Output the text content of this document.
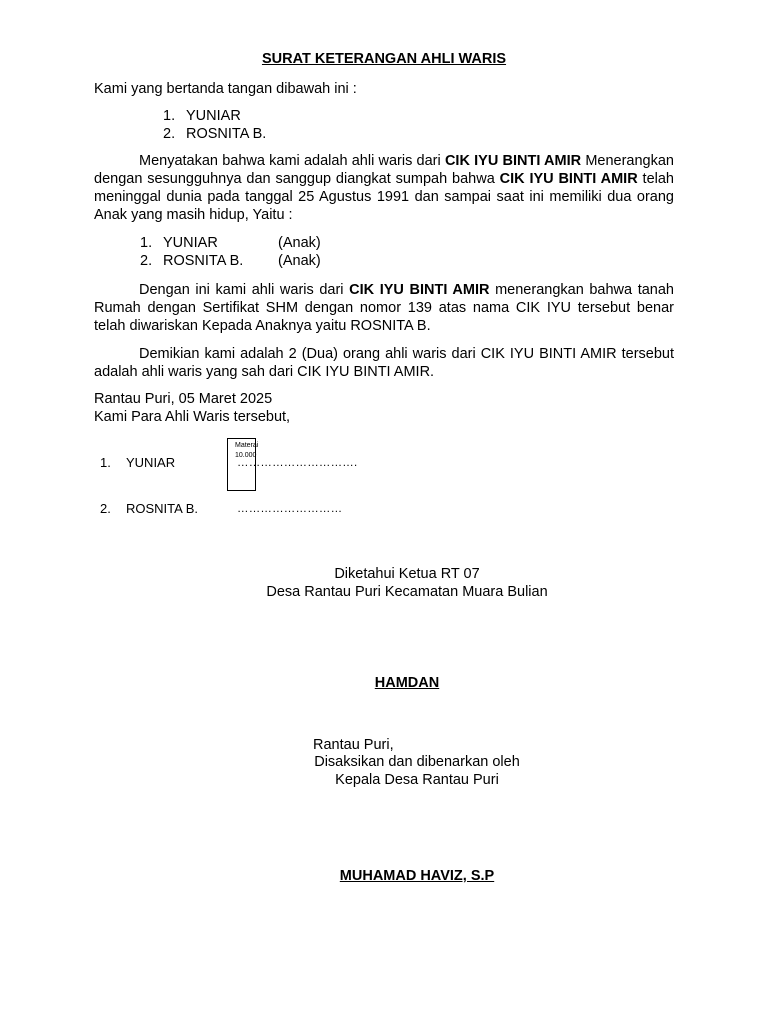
SURAT KETERANGAN AHLI WARIS
Kami yang bertanda tangan dibawah ini :
1. YUNIAR
2. ROSNITA B.
Menyatakan bahwa kami adalah ahli waris dari CIK IYU BINTI AMIR Menerangkan dengan sesungguhnya dan sanggup diangkat sumpah bahwa CIK IYU BINTI AMIR telah meninggal dunia pada tanggal 25 Agustus 1991 dan sampai saat ini memiliki dua orang Anak yang masih hidup, Yaitu :
1. YUNIAR	(Anak)
2. ROSNITA B. (Anak)
Dengan ini kami ahli waris dari CIK IYU BINTI AMIR menerangkan bahwa tanah Rumah dengan Sertifikat SHM dengan nomor 139 atas nama CIK IYU tersebut benar telah diwariskan Kepada Anaknya yaitu ROSNITA B.
Demikian kami adalah 2 (Dua) orang ahli waris dari CIK IYU BINTI AMIR tersebut adalah ahli waris yang sah dari CIK IYU BINTI AMIR.
Rantau Puri, 05 Maret 2025
Kami Para Ahli Waris tersebut,
Materai
10.000
1. YUNIAR	………………………….
2. ROSNITA B.	………………………
Diketahui Ketua RT 07
Desa Rantau Puri Kecamatan Muara Bulian
HAMDAN
Rantau Puri,
Disaksikan dan dibenarkan oleh
Kepala Desa Rantau Puri
MUHAMAD HAVIZ, S.P
